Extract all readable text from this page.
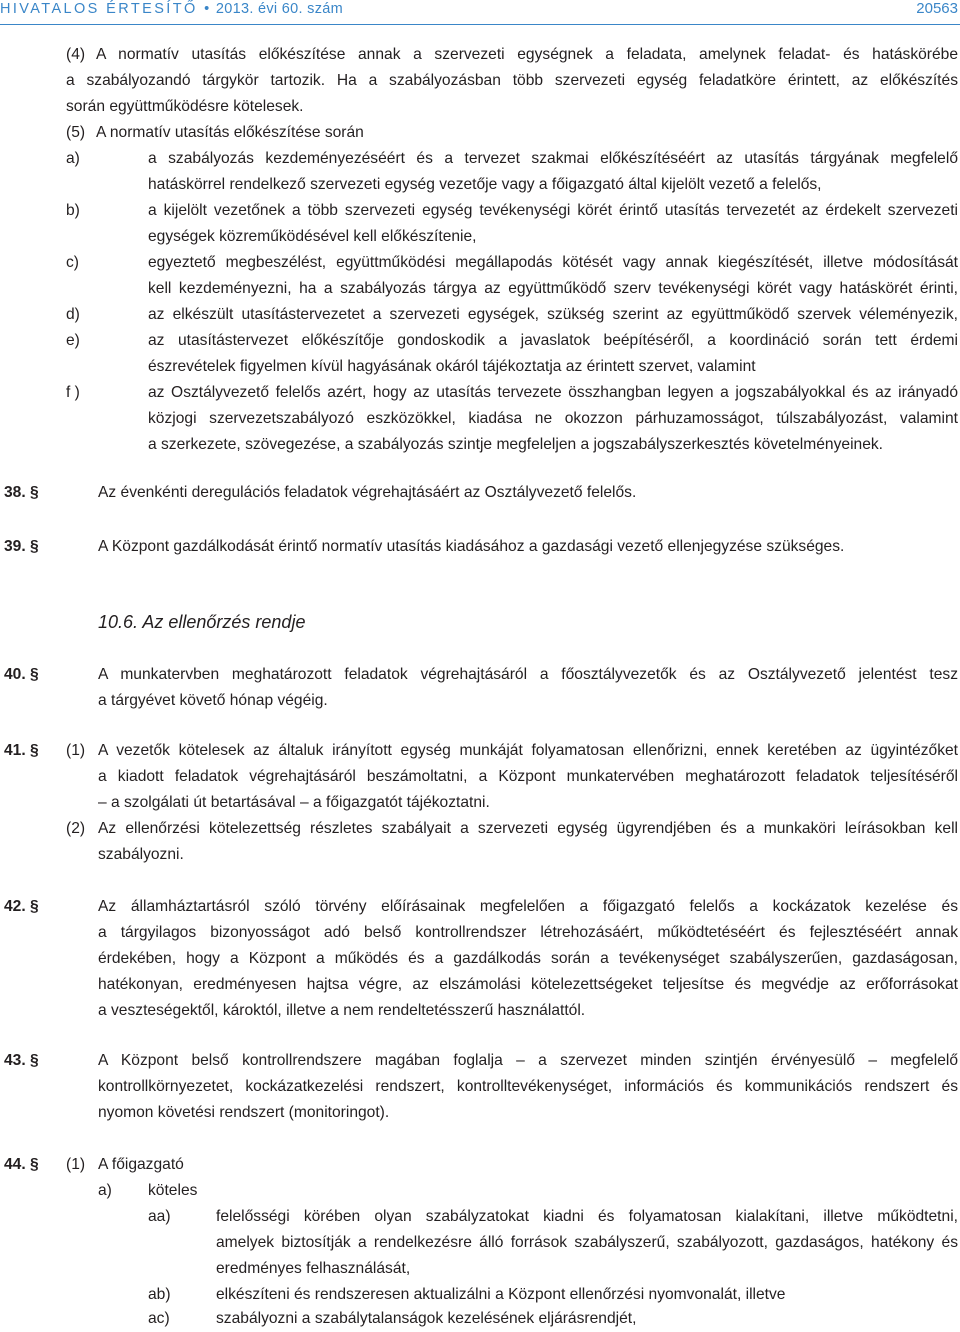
HIVATALOS ÉRTESÍTŐ • 2013. évi 60. szám	20563
(4) A normatív utasítás előkészítése annak a szervezeti egységnek a feladata, amelynek feladat- és hatáskörébe
a szabályozandó tárgykör tartozik. Ha a szabályozásban több szervezeti egység feladatköre érintett, az előkészítés
során együttműködésre kötelesek.
(5) A normatív utasítás előkészítése során
a)	a szabályozás kezdeményezéséért és a tervezet szakmai előkészítéséért az utasítás tárgyának megfelelő
hatáskörrel rendelkező szervezeti egység vezetője vagy a főigazgató által kijelölt vezető a felelős,
b)	a kijelölt vezetőnek a több szervezeti egység tevékenységi körét érintő utasítás tervezetét az érdekelt szervezeti
egységek közreműködésével kell előkészítenie,
c)	egyeztető megbeszélést, együttműködési megállapodás kötését vagy annak kiegészítését, illetve módosítását
kell kezdeményezni, ha a szabályozás tárgya az együttműködő szerv tevékenységi körét vagy hatáskörét érinti,
d)	az elkészült utasítástervezetet a szervezeti egységek, szükség szerint az együttműködő szervek véleményezik,
e)	az utasítástervezet előkészítője gondoskodik a javaslatok beépítéséről, a koordináció során tett érdemi
észrevételek figyelmen kívül hagyásának okáról tájékoztatja az érintett szervet, valamint
f )	az Osztályvezető felelős azért, hogy az utasítás tervezete összhangban legyen a jogszabályokkal és az irányadó
közjogi szervezetszabályozó eszközökkel, kiadása ne okozzon párhuzamosságot, túlszabályozást, valamint
a szerkezete, szövegezése, a szabályozás szintje megfeleljen a jogszabályszerkesztés követelményeinek.
38. §	Az évenkénti deregulációs feladatok végrehajtásáért az Osztályvezető felelős.
39. §	A Központ gazdálkodását érintő normatív utasítás kiadásához a gazdasági vezető ellenjegyzése szükséges.
10.6. Az ellenőrzés rendje
40. §	A munkatervben meghatározott feladatok végrehajtásáról a főosztályvezetők és az Osztályvezető jelentést tesz
a tárgyévet követő hónap végéig.
41. § (1) A vezetők kötelesek az általuk irányított egység munkáját folyamatosan ellenőrizni, ennek keretében az ügyintézőket
a kiadott feladatok végrehajtásáról beszámoltatni, a Központ munkatervében meghatározott feladatok teljesítéséről
– a szolgálati út betartásával – a főigazgatót tájékoztatni.
(2) Az ellenőrzési kötelezettség részletes szabályait a szervezeti egység ügyrendjében és a munkaköri leírásokban kell
szabályozni.
42. §	Az államháztartásról szóló törvény előírásainak megfelelően a főigazgató felelős a kockázatok kezelése és
a tárgyilagos bizonyosságot adó belső kontrollrendszer létrehozásáért, működtetéséért és fejlesztéséért annak
érdekében, hogy a Központ a működés és a gazdálkodás során a tevékenységet szabályszerűen, gazdaságosan,
hatékonyan, eredményesen hajtsa végre, az elszámolási kötelezettségeket teljesítse és megvédje az erőforrásokat
a veszteségektől, károktól, illetve a nem rendeltetésszerű használattól.
43. §	A Központ belső kontrollrendszere magában foglalja – a szervezet minden szintjén érvényesülő – megfelelő
kontrollkörnyezetet, kockázatkezelési rendszert, kontrolltevékenységet, információs és kommunikációs rendszert és
nyomon követési rendszert (monitoringot).
44. § (1) A főigazgató
a) köteles
aa)	felelősségi körében olyan szabályzatokat kiadni és folyamatosan kialakítani, illetve működtetni,
amelyek biztosítják a rendelkezésre álló források szabályszerű, szabályozott, gazdaságos, hatékony és
eredményes felhasználását,
ab)	elkészíteni és rendszeresen aktualizálni a Központ ellenőrzési nyomvonalát, illetve
ac)	szabályozni a szabálytalanságok kezelésének eljárásrendjét,
